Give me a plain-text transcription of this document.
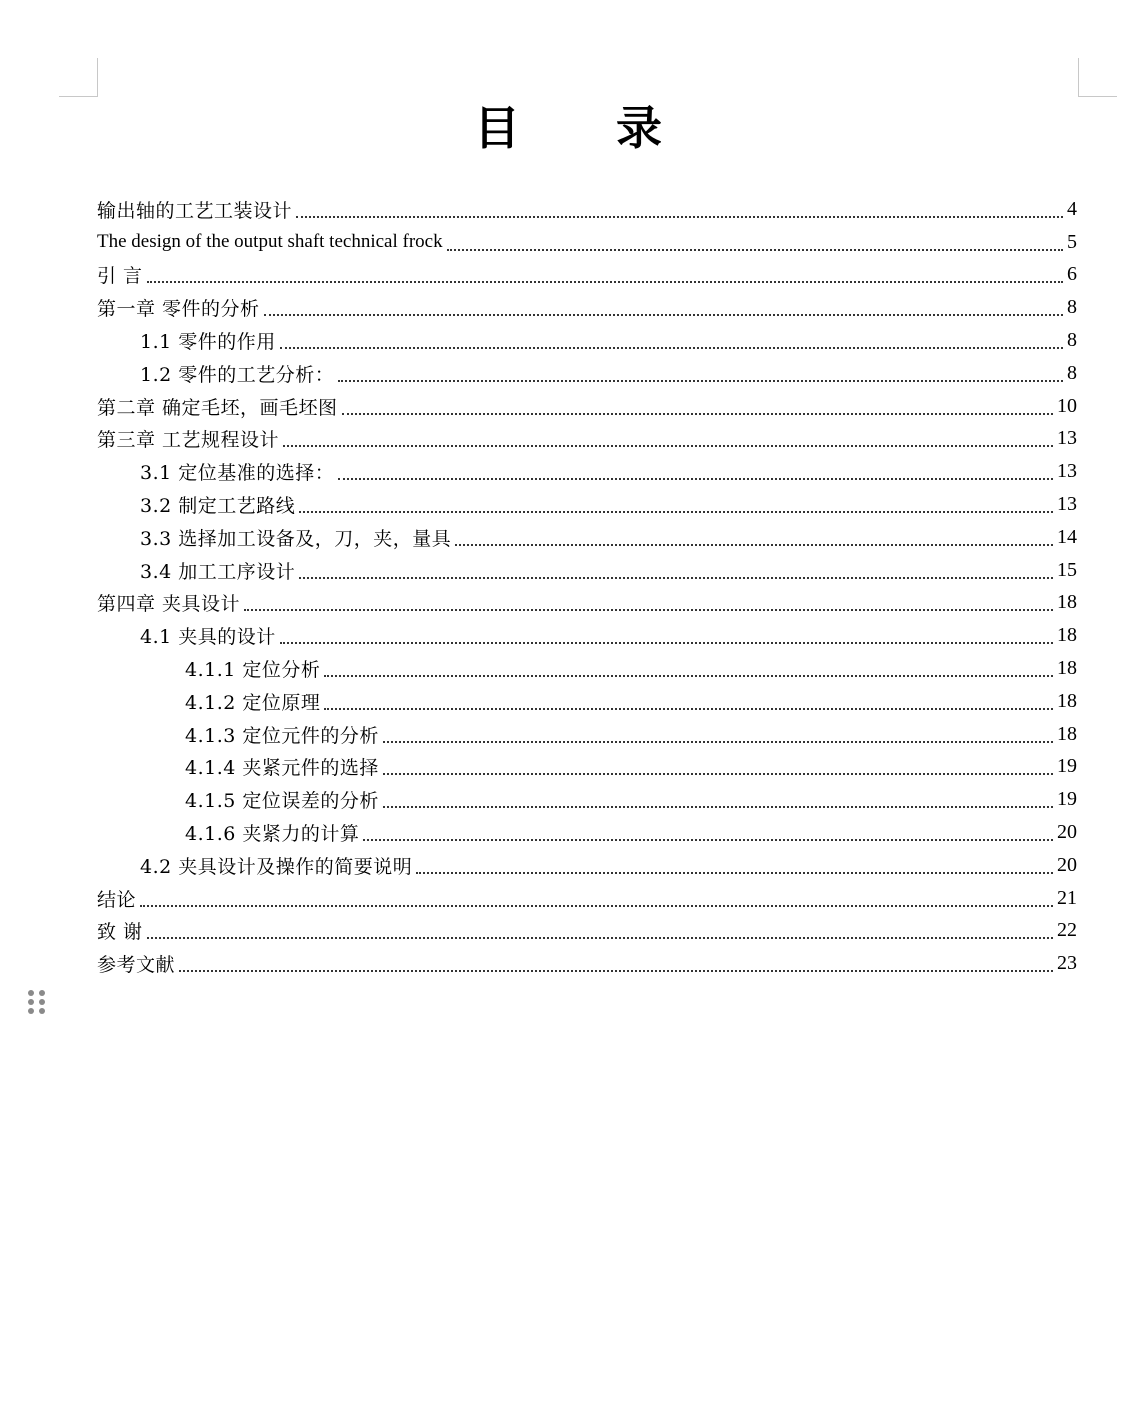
目 录
输出轴的工艺工装设计	4
The design of the output shaft technical frock	5
引 言	6
第一章 零件的分析	8
1.1 零件的作用	8
1.2 零件的工艺分析：	8
第二章 确定毛坯，画毛坯图	10
第三章 工艺规程设计	13
3.1 定位基准的选择：	13
3.2 制定工艺路线	13
3.3 选择加工设备及，刀，夹，量具	14
3.4 加工工序设计	15
第四章 夹具设计	18
4.1 夹具的设计	18
4.1.1 定位分析	18
4.1.2 定位原理	18
4.1.3 定位元件的分析	18
4.1.4 夹紧元件的选择	19
4.1.5 定位误差的分析	19
4.1.6 夹紧力的计算	20
4.2 夹具设计及操作的简要说明	20
结论	21
致 谢	22
参考文献	23
